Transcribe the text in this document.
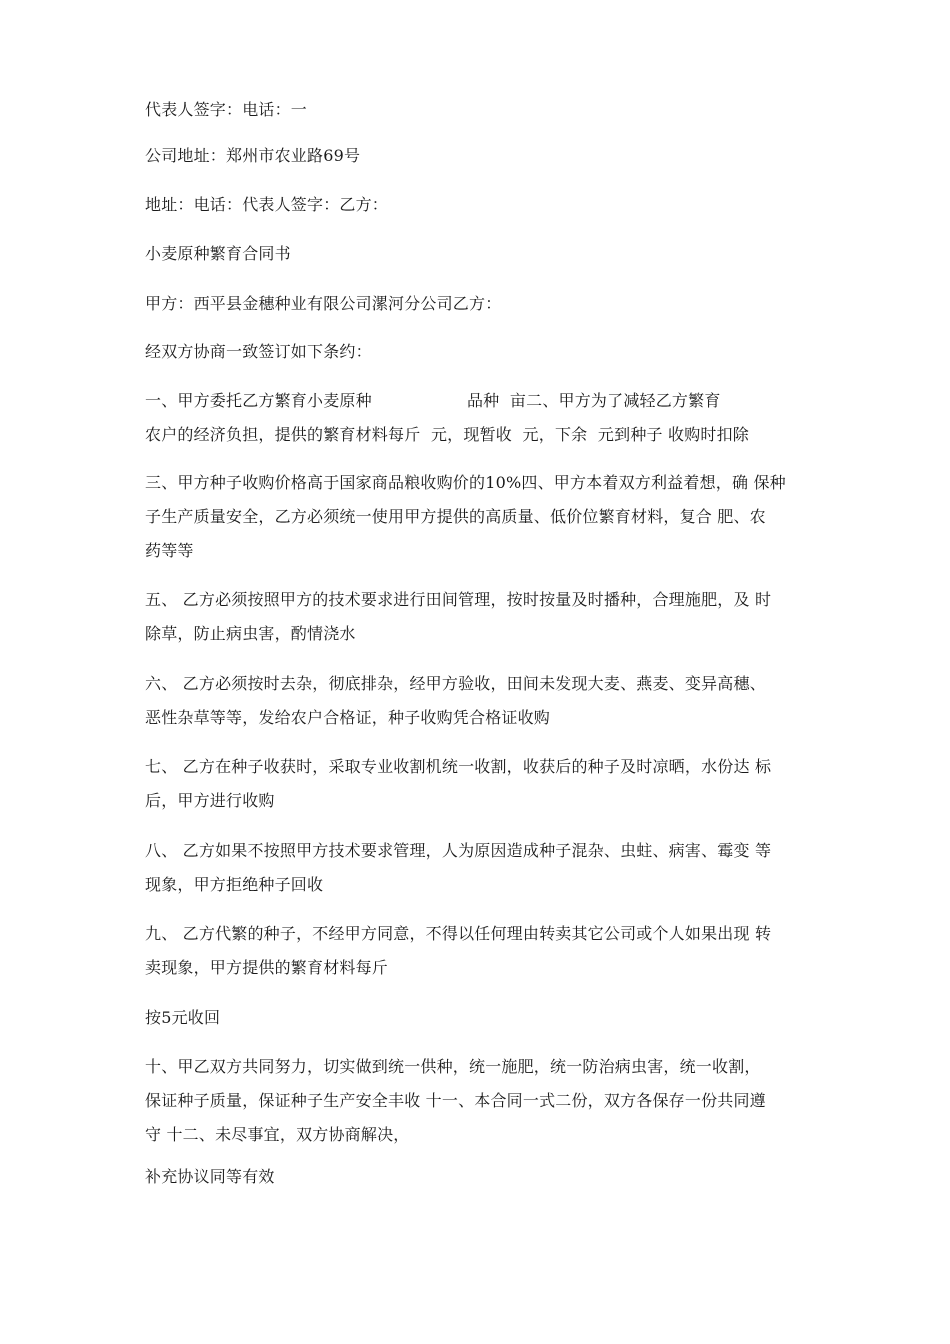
代表人签字：电话：一
公司地址：郑州市农业路69号
地址：电话：代表人签字：乙方：
小麦原种繁育合同书
甲方：西平县金穗种业有限公司漯河分公司乙方：
经双方协商一致签订如下条约：
一、甲方委托乙方繁育小麦原种                  品种  亩二、甲方为了减轻乙方繁育
农户的经济负担，提供的繁育材料每斤  元，现暂收  元，下余  元到种子 收购时扣除
三、甲方种子收购价格高于国家商品粮收购价的10%四、甲方本着双方利益着想，确 保种
子生产质量安全，乙方必须统一使用甲方提供的高质量、低价位繁育材料，复合 肥、农
药等等
五、 乙方必须按照甲方的技术要求进行田间管理，按时按量及时播种，合理施肥，及 时
除草，防止病虫害，酌情浇水
六、 乙方必须按时去杂，彻底排杂，经甲方验收，田间未发现大麦、燕麦、变异高穗、
恶性杂草等等，发给农户合格证，种子收购凭合格证收购
七、 乙方在种子收获时，采取专业收割机统一收割，收获后的种子及时凉晒，水份达 标
后，甲方进行收购
八、 乙方如果不按照甲方技术要求管理，人为原因造成种子混杂、虫蛀、病害、霉变 等
现象，甲方拒绝种子回收
九、 乙方代繁的种子，不经甲方同意，不得以任何理由转卖其它公司或个人如果出现 转
卖现象，甲方提供的繁育材料每斤
按5元收回
十、甲乙双方共同努力，切实做到统一供种，统一施肥，统一防治病虫害，统一收割，
保证种子质量，保证种子生产安全丰收 十一、本合同一式二份，双方各保存一份共同遵
守 十二、未尽事宜，双方协商解决，
补充协议同等有效
